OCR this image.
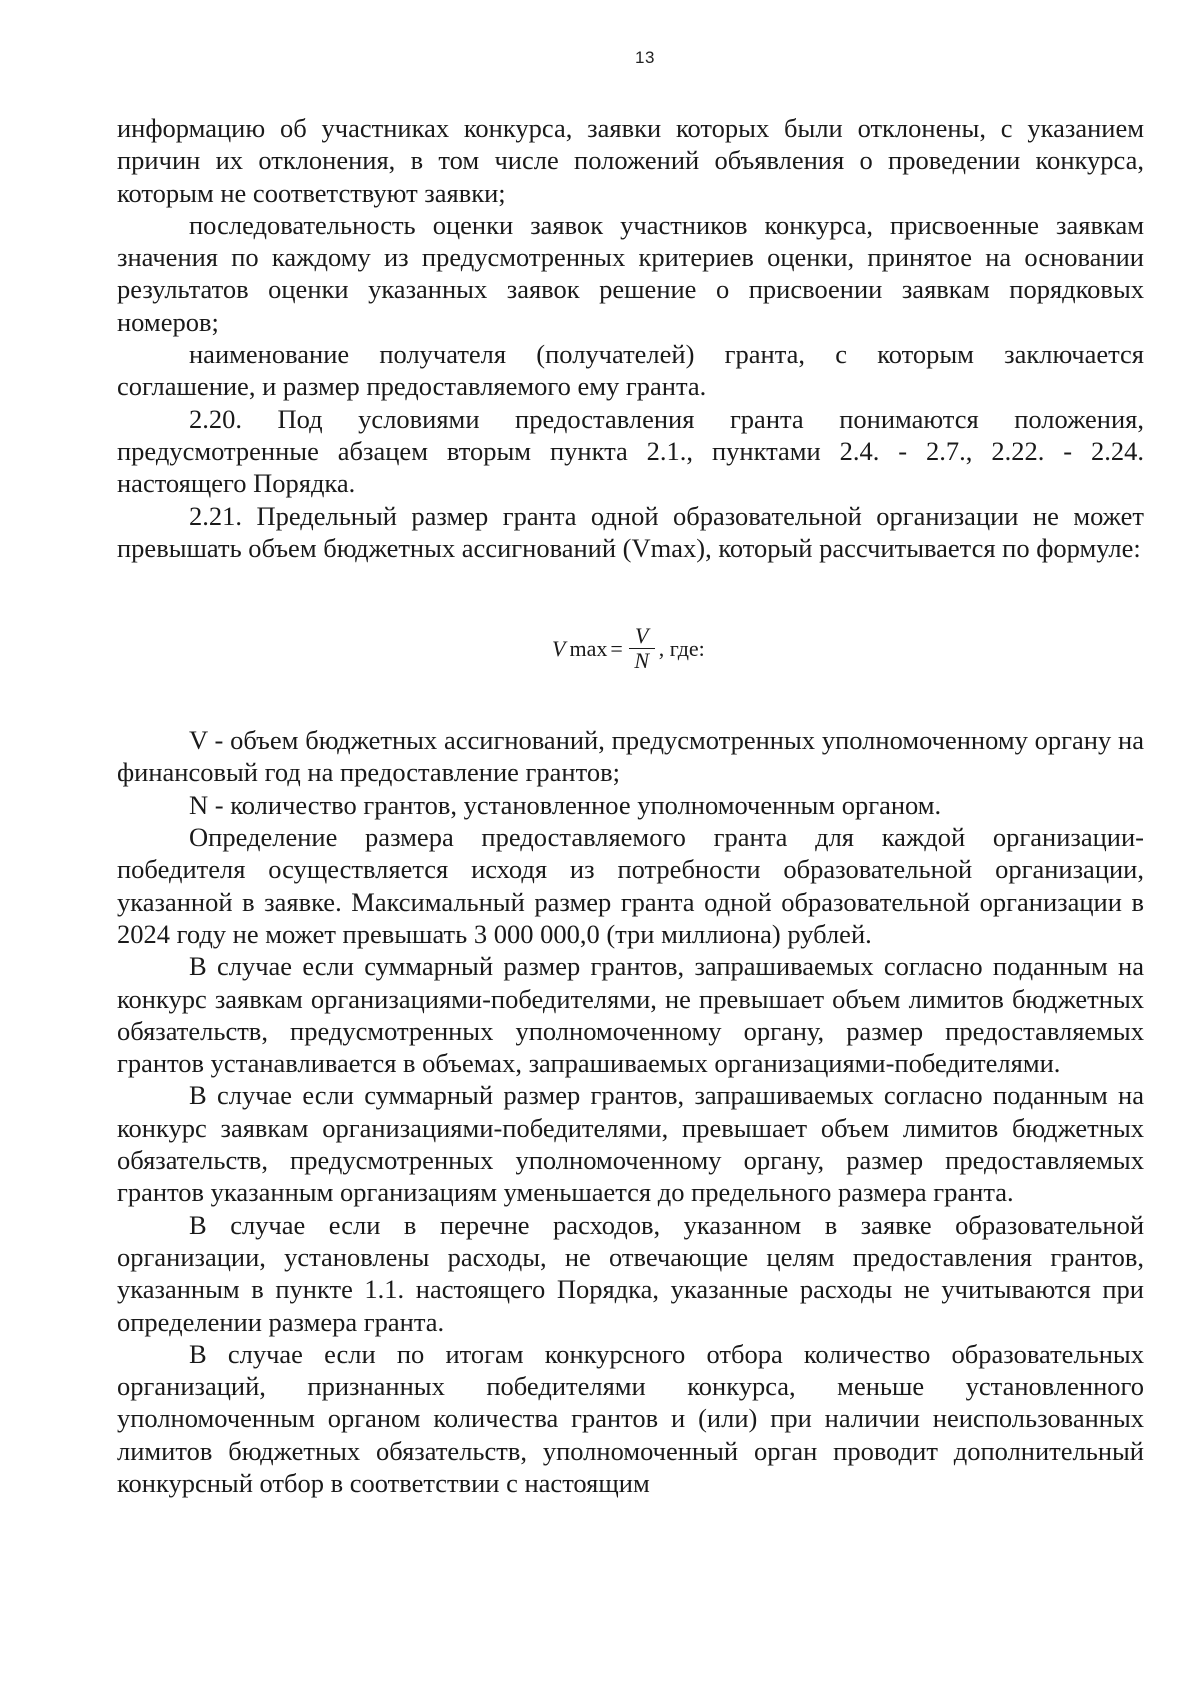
13

информацию об участниках конкурса, заявки которых были отклонены, с указанием причин их отклонения, в том числе положений объявления о проведении конкурса, которым не соответствуют заявки;

последовательность оценки заявок участников конкурса, присвоенные заявкам значения по каждому из предусмотренных критериев оценки, принятое на основании результатов оценки указанных заявок решение о присвоении заявкам порядковых номеров;

наименование получателя (получателей) гранта, с которым заключается соглашение, и размер предоставляемого ему гранта.

2.20. Под условиями предоставления гранта понимаются положения, предусмотренные абзацем вторым пункта 2.1., пунктами 2.4. - 2.7., 2.22. - 2.24. настоящего Порядка.

2.21. Предельный размер гранта одной образовательной организации не может превышать объем бюджетных ассигнований (Vmax), который рассчитывается по формуле:

V $\max = \frac{V}{N}$ , где:

V - объем бюджетных ассигнований, предусмотренных уполномоченному органу на финансовый год на предоставление грантов;

N - количество грантов, установленное уполномоченным органом.

Определение размера предоставляемого гранта для каждой организации-победителя осуществляется исходя из потребности образовательной организации, указанной в заявке. Максимальный размер гранта одной образовательной организации в 2024 году не может превышать 3 000 000,0 (три миллиона) рублей.

В случае если суммарный размер грантов, запрашиваемых согласно поданным на конкурс заявкам организациями-победителями, не превышает объем лимитов бюджетных обязательств, предусмотренных уполномоченному органу, размер предоставляемых грантов устанавливается в объемах, запрашиваемых организациями-победителями.

В случае если суммарный размер грантов, запрашиваемых согласно поданным на конкурс заявкам организациями-победителями, превышает объем лимитов бюджетных обязательств, предусмотренных уполномоченному органу, размер предоставляемых грантов указанным организациям уменьшается до предельного размера гранта.

В случае если в перечне расходов, указанном в заявке образовательной организации, установлены расходы, не отвечающие целям предоставления грантов, указанным в пункте 1.1. настоящего Порядка, указанные расходы не учитываются при определении размера гранта.

В случае если по итогам конкурсного отбора количество образовательных организаций, признанных победителями конкурса, меньше установленного уполномоченным органом количества грантов и (или) при наличии неиспользованных лимитов бюджетных обязательств, уполномоченный орган проводит дополнительный конкурсный отбор в соответствии с настоящим
